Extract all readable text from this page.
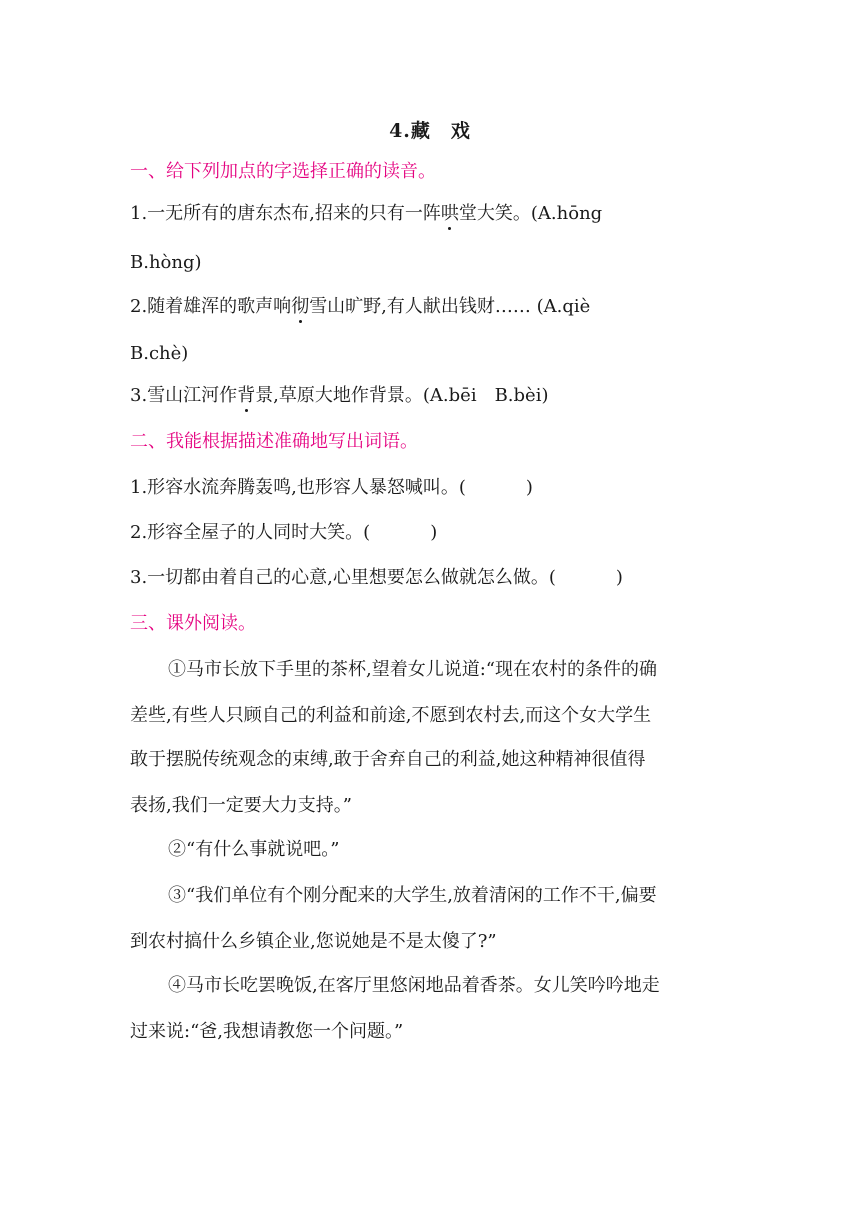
4.藏　戏
一、给下列加点的字选择正确的读音。
1.一无所有的唐东杰布,招来的只有一阵哄堂大笑。(A.hōng
B.hòng)
2.随着雄浑的歌声响彻雪山旷野,有人献出钱财…… (A.qiè
B.chè)
3.雪山江河作背景,草原大地作背景。(A.bēi　B.bèi)
二、我能根据描述准确地写出词语。
1.形容水流奔腾轰鸣,也形容人暴怒喊叫。(	)
2.形容全屋子的人同时大笑。(	)
3.一切都由着自己的心意,心里想要怎么做就怎么做。(	)
三、课外阅读。
①马市长放下手里的茶杯,望着女儿说道:“现在农村的条件的确
差些,有些人只顾自己的利益和前途,不愿到农村去,而这个女大学生
敢于摆脱传统观念的束缚,敢于舍弃自己的利益,她这种精神很值得
表扬,我们一定要大力支持。”
②“有什么事就说吧。”
③“我们单位有个刚分配来的大学生,放着清闲的工作不干,偏要
到农村搞什么乡镇企业,您说她是不是太傻了?”
④马市长吃罢晚饭,在客厅里悠闲地品着香茶。女儿笑吟吟地走
过来说:“爸,我想请教您一个问题。”
